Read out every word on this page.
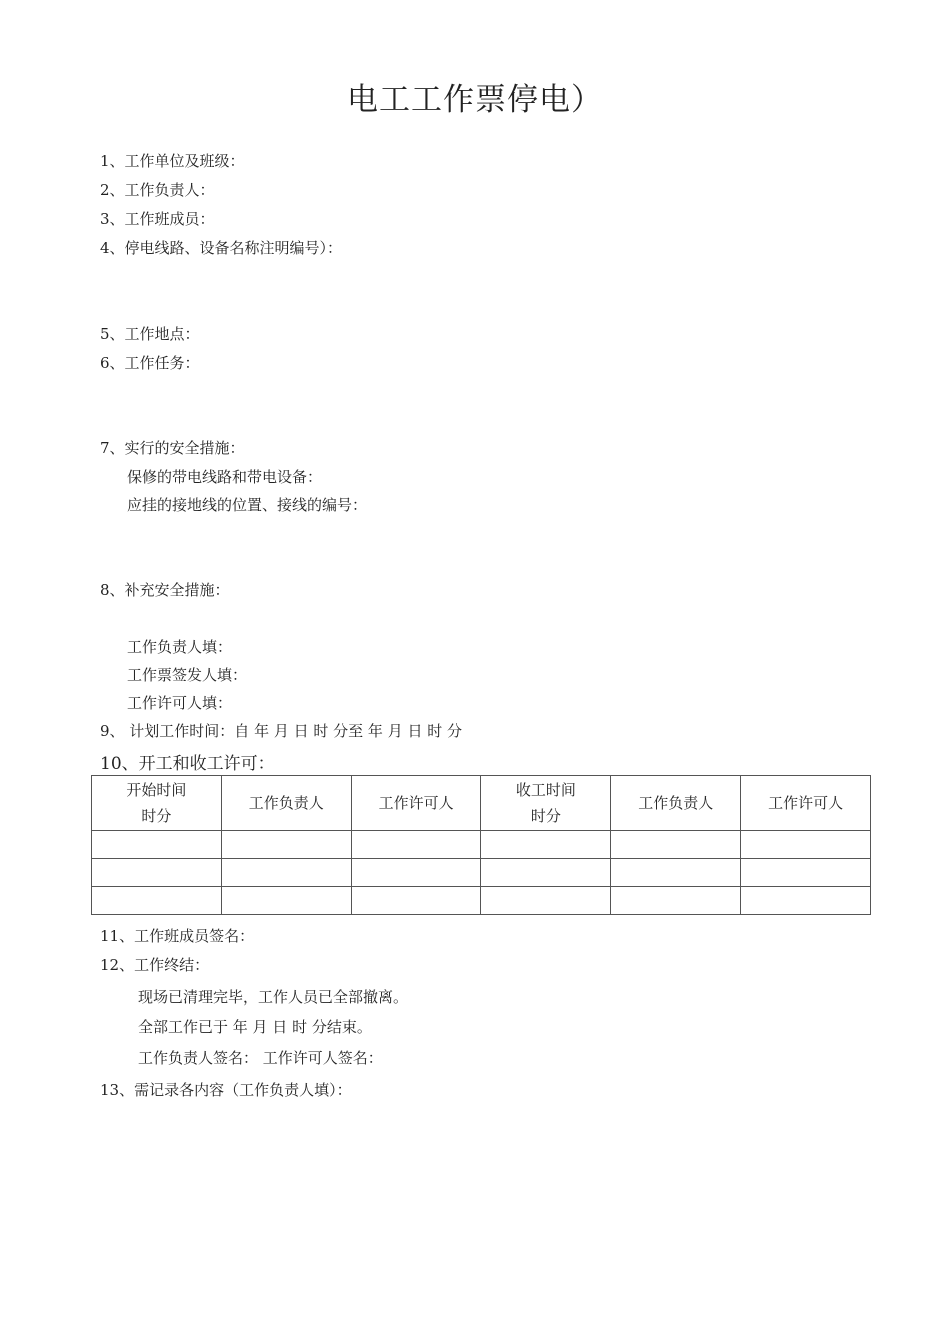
电工工作票停电）

1、工作单位及班级：

2、工作负责人：

3、工作班成员：

4、停电线路、设备名称注明编号）：

5、工作地点：

6、工作任务：

7、实行的安全措施：

保修的带电线路和带电设备：

应挂的接地线的位置、接线的编号：

8、补充安全措施：

工作负责人填：

工作票签发人填：

工作许可人填：

9、 计划工作时间：自 年 月 日 时 分至 年 月 日 时 分

10、开工和收工许可：

开始时间
时分	工作负责人	工作许可人	收工时间
时分	工作负责人	工作许可人

11、工作班成员签名：

12、工作终结：

现场已清理完毕，工作人员已全部撤离。

全部工作已于 年 月 日 时 分结束。

工作负责人签名： 工作许可人签名：

13、需记录各内容（工作负责人填）：
